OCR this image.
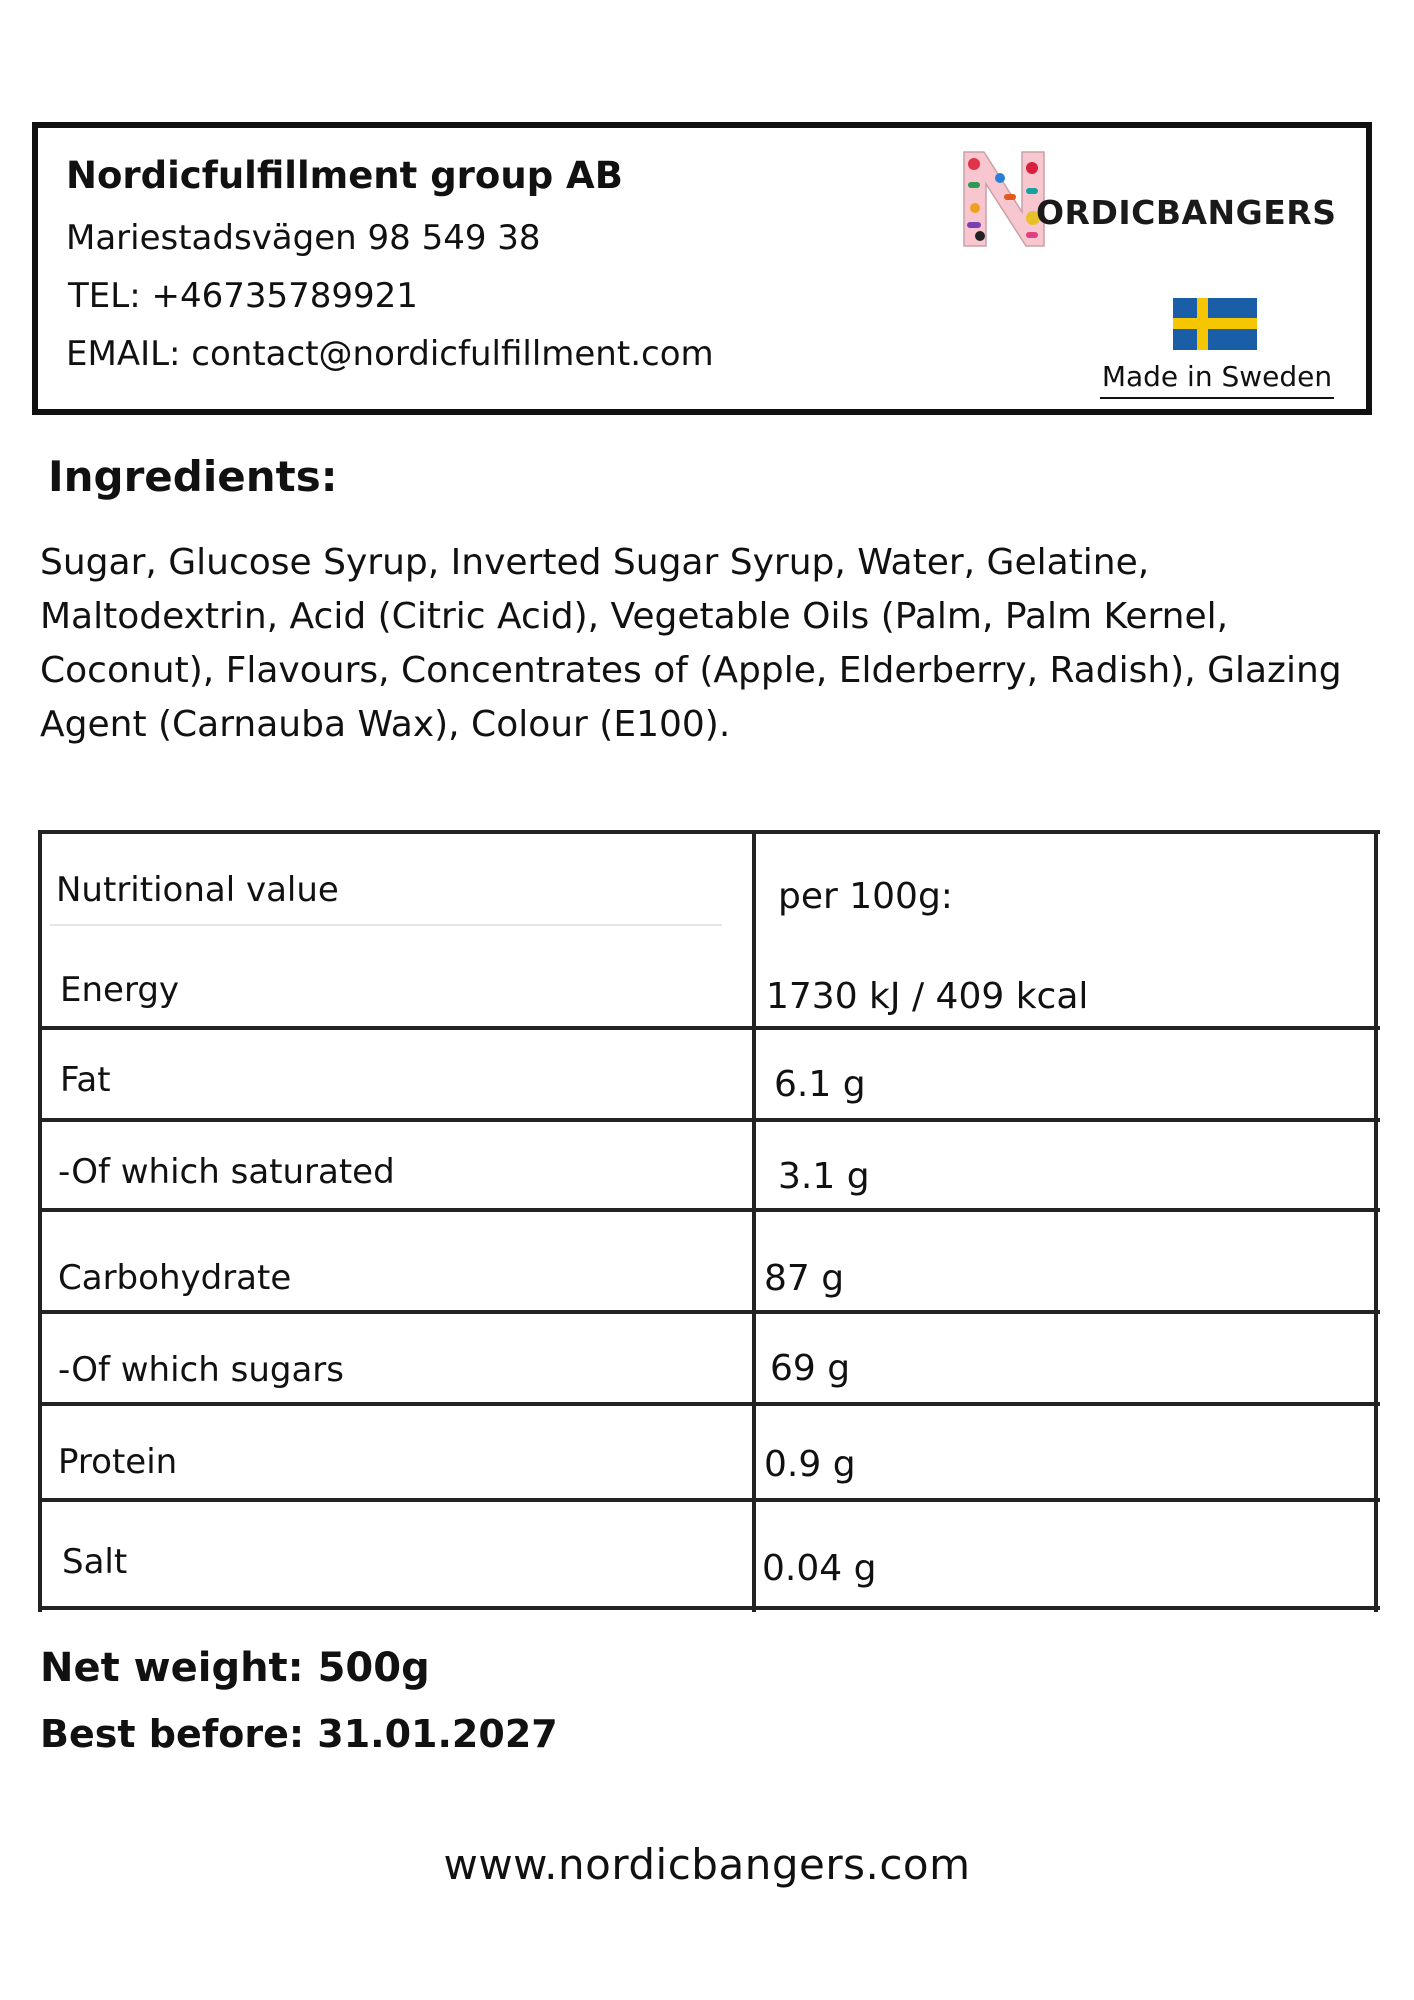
Nordicfulfillment group AB
Mariestadsvägen 98 549 38
TEL: +46735789921
EMAIL: contact@nordicfulfillment.com
ORDICBANGERS
Made in Sweden
Ingredients:
Sugar, Glucose Syrup, Inverted Sugar Syrup, Water, Gelatine, Maltodextrin, Acid (Citric Acid), Vegetable Oils (Palm, Palm Kernel, Coconut), Flavours, Concentrates of (Apple, Elderberry, Radish), Glazing Agent (Carnauba Wax), Colour (E100).
Nutritional value	per 100g:
Energy	1730 kJ / 409 kcal
Fat	6.1 g
-Of which saturated	3.1 g
Carbohydrate	87 g
-Of which sugars	69 g
Protein	0.9 g
Salt	0.04 g
Net weight: 500g
Best before: 31.01.2027
www.nordicbangers.com
